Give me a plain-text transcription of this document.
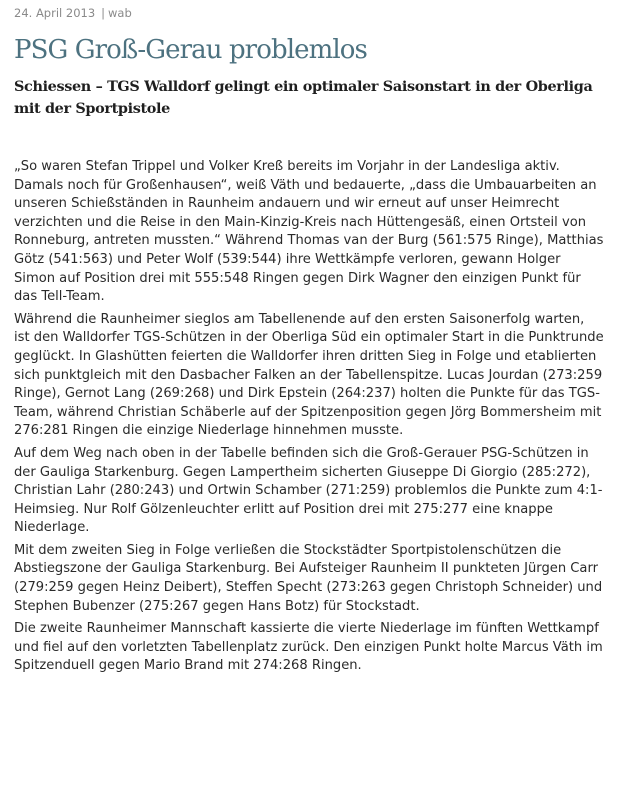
24. April 2013 | wab
PSG Groß-Gerau problemlos
Schiessen – TGS Walldorf gelingt ein optimaler Saisonstart in der Oberliga mit der Sportpistole

„So waren Stefan Trippel und Volker Kreß bereits im Vorjahr in der Landesliga aktiv. Damals noch für Großenhausen“, weiß Väth und bedauerte, „dass die Umbauarbeiten an unseren Schießständen in Raunheim andauern und wir erneut auf unser Heimrecht verzichten und die Reise in den Main-Kinzig-Kreis nach Hüttengesäß, einen Ortsteil von Ronneburg, antreten mussten.“ Während Thomas van der Burg (561:575 Ringe), Matthias Götz (541:563) und Peter Wolf (539:544) ihre Wettkämpfe verloren, gewann Holger Simon auf Position drei mit 555:548 Ringen gegen Dirk Wagner den einzigen Punkt für das Tell-Team.

Während die Raunheimer sieglos am Tabellenende auf den ersten Saisonerfolg warten, ist den Walldorfer TGS-Schützen in der Oberliga Süd ein optimaler Start in die Punktrunde geglückt. In Glashütten feierten die Walldorfer ihren dritten Sieg in Folge und etablierten sich punktgleich mit den Dasbacher Falken an der Tabellenspitze. Lucas Jourdan (273:259 Ringe), Gernot Lang (269:268) und Dirk Epstein (264:237) holten die Punkte für das TGS-Team, während Christian Schäberle auf der Spitzenposition gegen Jörg Bommersheim mit 276:281 Ringen die einzige Niederlage hinnehmen musste.

Auf dem Weg nach oben in der Tabelle befinden sich die Groß-Gerauer PSG-Schützen in der Gauliga Starkenburg. Gegen Lampertheim sicherten Giuseppe Di Giorgio (285:272), Christian Lahr (280:243) und Ortwin Schamber (271:259) problemlos die Punkte zum 4:1-Heimsieg. Nur Rolf Gölzenleuchter erlitt auf Position drei mit 275:277 eine knappe Niederlage.

Mit dem zweiten Sieg in Folge verließen die Stockstädter Sportpistolenschützen die Abstiegszone der Gauliga Starkenburg. Bei Aufsteiger Raunheim II punkteten Jürgen Carr (279:259 gegen Heinz Deibert), Steffen Specht (273:263 gegen Christoph Schneider) und Stephen Bubenzer (275:267 gegen Hans Botz) für Stockstadt.

Die zweite Raunheimer Mannschaft kassierte die vierte Niederlage im fünften Wettkampf und fiel auf den vorletzten Tabellenplatz zurück. Den einzigen Punkt holte Marcus Väth im Spitzenduell gegen Mario Brand mit 274:268 Ringen.
